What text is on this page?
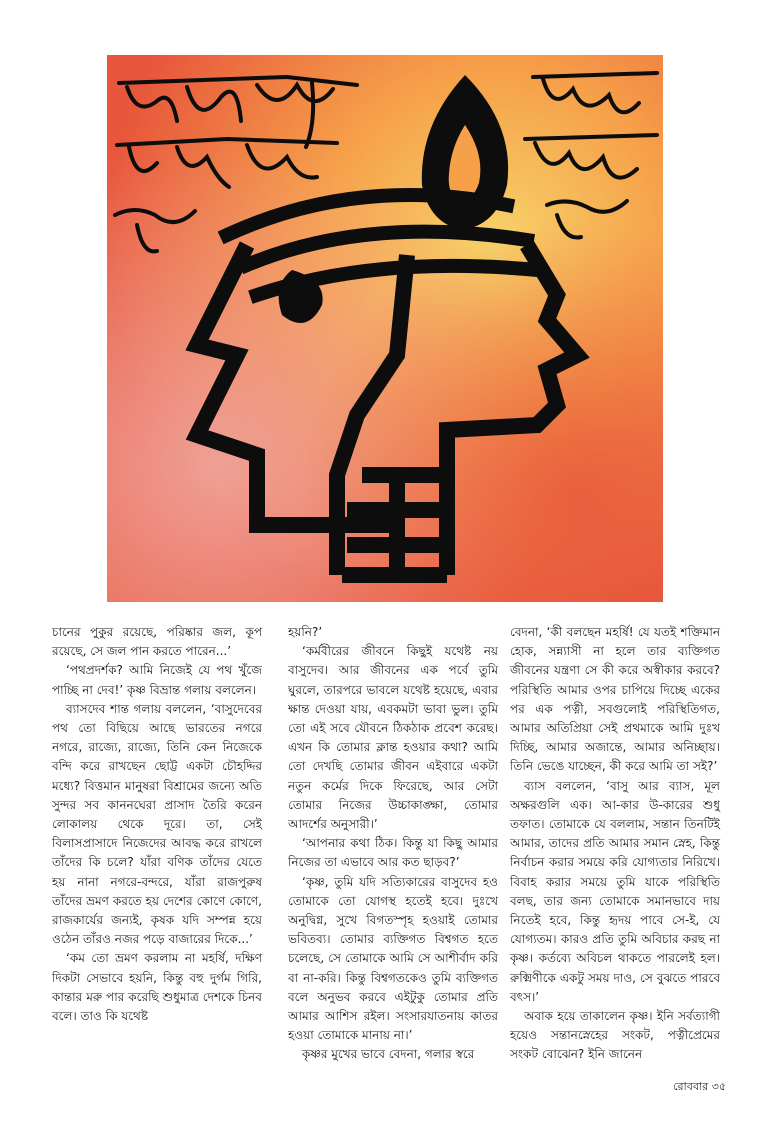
চানের পুকুর রয়েছে, পরিষ্কার জল, কূপ রয়েছে, সে জল পান করতে পারেন...’

‘পথপ্রদর্শক? আমি নিজেই যে পথ খুঁজে পাচ্ছি না দেব!’ কৃষ্ণ বিভ্রান্ত গলায় বললেন।

ব্যাসদেব শান্ত গলায় বললেন, ‘বাসুদেবের পথ তো বিছিয়ে আছে ভারতের নগরে নগরে, রাজ্যে, রাজ্যে, তিনি কেন নিজেকে বন্দি করে রাখছেন ছোট্ট একটা চৌহদ্দির মধ্যে? বিত্তমান মানুষরা বিশ্রামের জন্যে অতি সুন্দর সব কাননঘেরা প্রাসাদ তৈরি করেন লোকালয় থেকে দূরে। তা, সেই বিলাসপ্রাসাদে নিজেদের আবদ্ধ করে রাখলে তাঁদের কি চলে? যাঁরা বণিক তাঁদের যেতে হয় নানা নগরে-বন্দরে, যাঁরা রাজপুরুষ তাঁদের ভ্রমণ করতে হয় দেশের কোণে কোণে, রাজকার্যের জন্যই, কৃষক যদি সম্পন্ন হয়ে ওঠেন তাঁরও নজর পড়ে বাজারের দিকে...’

‘কম তো ভ্রমণ করলাম না মহর্ষি, দক্ষিণ দিকটা সেভাবে হয়নি, কিন্তু বহু দুর্গম গিরি, কান্তার মরু পার করেছি শুধুমাত্র দেশকে চিনব বলে। তাও কি যথেষ্ট

হয়নি?’

‘কর্মবীরের জীবনে কিছুই যথেষ্ট নয় বাসুদেব। আর জীবনের এক পর্বে তুমি ঘুরলে, তারপরে ভাবলে যথেষ্ট হয়েছে, এবার ক্ষান্ত দেওয়া যায়, এবকমটা ভাবা ভুল। তুমি তো এই সবে যৌবনে ঠিকঠাক প্রবেশ করেছ। এখন কি তোমার ক্লান্ত হওয়ার কথা? আমি তো দেখছি তোমার জীবন এইবারে একটা নতুন কর্মের দিকে ফিরেছে, আর সেটা তোমার নিজের উচ্চাকাঙ্ক্ষা, তোমার আদর্শের অনুসারী।’

‘আপনার কথা ঠিক। কিন্তু যা কিছু আমার নিজের তা এভাবে আর কত ছাড়ব?’

‘কৃষ্ণ, তুমি যদি সত্যিকারের বাসুদেব হও তোমাকে তো যোগস্থ হতেই হবে। দুঃখে অনুদ্বিগ্ন, সুখে বিগতস্পৃহ হওয়াই তোমার ভবিতব্য। তোমার ব্যক্তিগত বিশ্বগত হতে চলেছে, সে তোমাকে আমি সে আশীর্বাদ করি বা না-করি। কিন্তু বিশ্বগতকেও তুমি ব্যক্তিগত বলে অনুভব করবে এইটুকু তোমার প্রতি আমার আশিস রইল। সংসারযাতনায় কাতর হওয়া তোমাকে মানায় না।’

কৃষ্ণর মুখের ভাবে বেদনা, গলার স্বরে

বেদনা, ‘কী বলছেন মহর্ষি! যে যতই শক্তিমান হোক, সন্ন্যাসী না হলে তার ব্যক্তিগত জীবনের যন্ত্রণা সে কী করে অস্বীকার করবে? পরিস্থিতি আমার ওপর চাপিয়ে দিচ্ছে একের পর এক পত্নী, সবগুলোই পরিস্থিতিগত, আমার অতিপ্রিয়া সেই প্রথমাকে আমি দুঃখ দিচ্ছি, আমার অজান্তে, আমার অনিচ্ছায়। তিনি ভেঙে যাচ্ছেন, কী করে আমি তা সই?’

ব্যাস বললেন, ‘বাসু আর ব্যাস, মূল অক্ষরগুলি এক। আ-কার উ-কারের শুধু তফাত। তোমাকে যে বললাম, সন্তান তিনটিই আমার, তাদের প্রতি আমার সমান স্নেহ, কিন্তু নির্বাচন করার সময়ে করি যোগ্যতার নিরিখে। বিবাহ করার সময়ে তুমি যাকে পরিস্থিতি বলছ, তার জন্য তোমাকে সমানভাবে দায় নিতেই হবে, কিন্তু হৃদয় পাবে সে-ই, যে যোগ্যতম। কারও প্রতি তুমি অবিচার করছ না কৃষ্ণ। কর্তব্যে অবিচল থাকতে পারলেই হল। রুক্মিণীকে একটু সময় দাও, সে বুঝতে পারবে বৎস।’

অবাক হয়ে তাকালেন কৃষ্ণ। ইনি সর্বত্যাগী হয়েও সন্তানস্নেহের সংকট, পত্নীপ্রেমের সংকট বোঝেন? ইনি জানেন

রোববার ৩৫
